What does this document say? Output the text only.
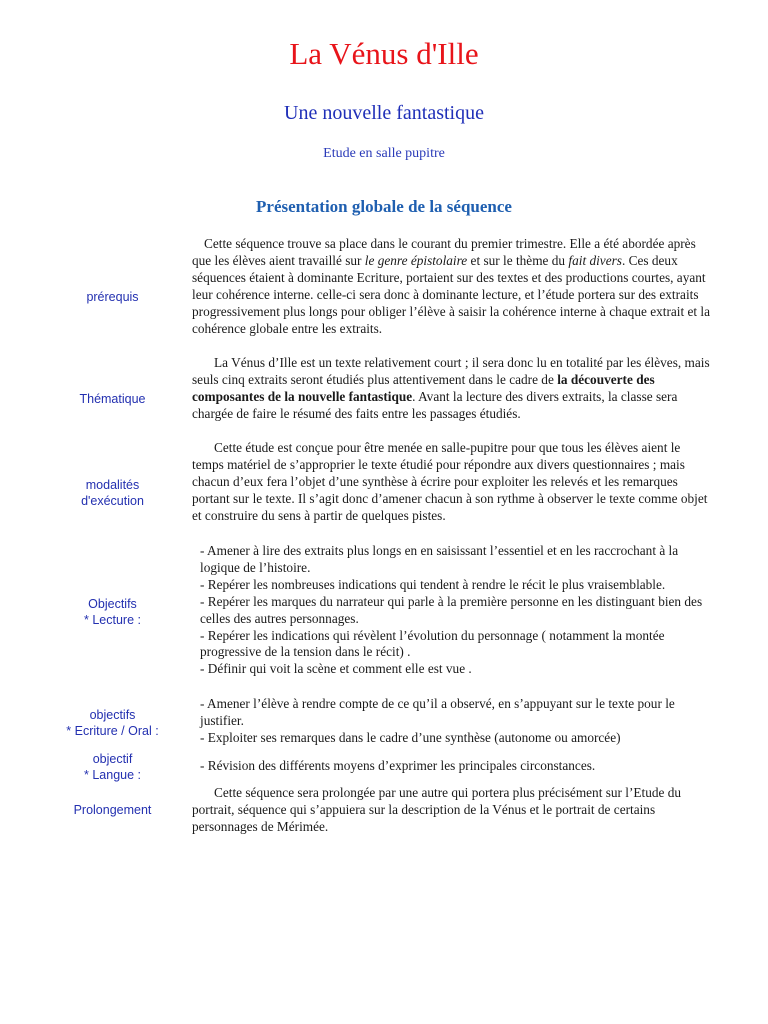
La Vénus d'Ille
Une nouvelle fantastique
Etude en salle pupitre
Présentation globale de la séquence
prérequis

Cette séquence trouve sa place dans le courant du premier trimestre. Elle a été abordée après que les élèves aient travaillé sur le genre épistolaire et sur le thème du fait divers. Ces deux séquences étaient à dominante Ecriture, portaient sur des textes et des productions courtes, ayant leur cohérence interne. celle-ci sera donc à dominante lecture, et l’étude portera sur des extraits progressivement plus longs pour obliger l’élève à saisir la cohérence interne à chaque extrait et la cohérence globale entre les extraits.

Thématique

La Vénus d’Ille est un texte relativement court ; il sera donc lu en totalité par les élèves, mais seuls cinq extraits seront étudiés plus attentivement dans le cadre de la découverte des composantes de la nouvelle fantastique. Avant la lecture des divers extraits, la classe sera chargée de faire le résumé des faits entre les passages étudiés.

modalités
d'exécution

Cette étude est conçue pour être menée en salle-pupitre pour que tous les élèves aient le temps matériel de s’approprier le texte étudié pour répondre aux divers questionnaires ; mais chacun d’eux fera l’objet d’une synthèse à écrire pour exploiter les relevés et les remarques portant sur le texte. Il s’agit donc d’amener chacun à son rythme à observer le texte comme objet et construire du sens à partir de quelques pistes.

Objectifs
* Lecture :

- Amener à lire des extraits plus longs en en saisissant l’essentiel et en les raccrochant à la logique de l’histoire.

- Repérer les nombreuses indications qui tendent à rendre le récit le plus vraisemblable.

- Repérer les marques du narrateur qui parle à la première personne en les distinguant bien des celles des autres personnages.

- Repérer les indications qui révèlent l’évolution du personnage ( notamment la montée progressive de la tension dans le récit) .

- Définir qui voit la scène et comment elle est vue .

objectifs
* Ecriture / Oral :

- Amener l’élève à rendre compte de ce qu’il a observé, en s’appuyant sur le texte pour le justifier.

- Exploiter ses remarques dans le cadre d’une synthèse (autonome ou amorcée)

objectif
* Langue :

- Révision des différents moyens d’exprimer les principales circonstances.

Prolongement

Cette séquence sera prolongée par une autre qui portera plus précisément sur l’Etude du portrait, séquence qui s’appuiera sur la description de la Vénus et le portrait de certains personnages de Mérimée.
